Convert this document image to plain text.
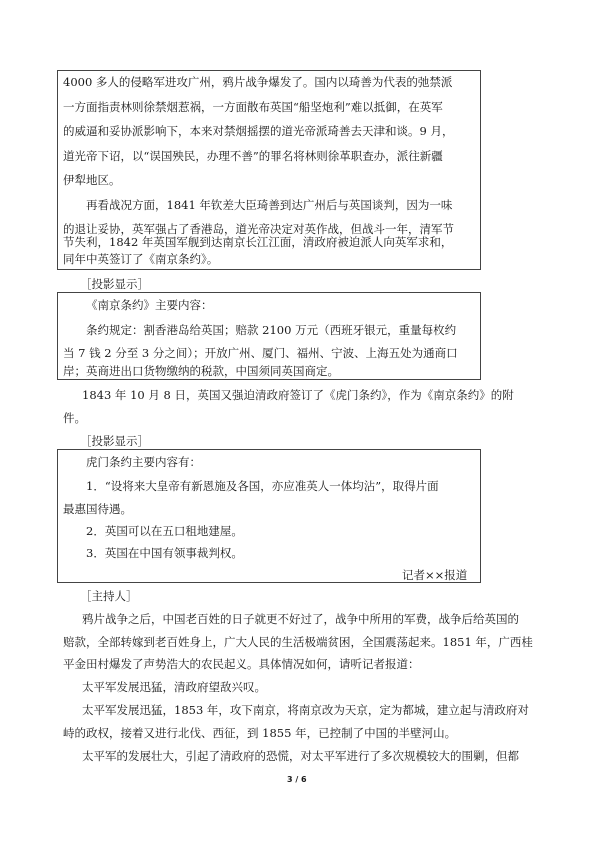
4000 多人的侵略军进攻广州，鸦片战争爆发了。国内以琦善为代表的弛禁派
一方面指责林则徐禁烟惹祸，一方面散布英国“船坚炮利”难以抵御，在英军
的威逼和妥协派影响下，本来对禁烟摇摆的道光帝派琦善去天津和谈。9 月，
道光帝下诏，以“误国殃民，办理不善”的罪名将林则徐革职查办，派往新疆
伊犁地区。
再看战况方面，1841 年钦差大臣琦善到达广州后与英国谈判，因为一味
的退让妥协，英军强占了香港岛，道光帝决定对英作战，但战斗一年，清军节
节失利，1842 年英国军舰到达南京长江江面，清政府被迫派人向英军求和，
同年中英签订了《南京条约》。
［投影显示］
《南京条约》主要内容：
条约规定：割香港岛给英国；赔款 2100 万元（西班牙银元，重量每枚约
当 7 钱 2 分至 3 分之间）；开放广州、厦门、福州、宁波、上海五处为通商口
岸；英商进出口货物缴纳的税款，中国须同英国商定。
1843 年 10 月 8 日，英国又强迫清政府签订了《虎门条约》，作为《南京条约》的附
件。
［投影显示］
虎门条约主要内容有：
1．“设将来大皇帝有新恩施及各国，亦应准英人一体均沾”，取得片面
最惠国待遇。
2．英国可以在五口租地建屋。
3．英国在中国有领事裁判权。
记者××报道
［主持人］
鸦片战争之后，中国老百姓的日子就更不好过了，战争中所用的军费，战争后给英国的
赔款，全部转嫁到老百姓身上，广大人民的生活极端贫困，全国震荡起来。1851 年，广西桂
平金田村爆发了声势浩大的农民起义。具体情况如何，请听记者报道：
太平军发展迅猛，清政府望敌兴叹。
太平军发展迅猛，1853 年，攻下南京，将南京改为天京，定为都城，建立起与清政府对
峙的政权，接着又进行北伐、西征，到 1855 年，已控制了中国的半壁河山。
太平军的发展壮大，引起了清政府的恐慌，对太平军进行了多次规模较大的围剿，但都
3 / 6
